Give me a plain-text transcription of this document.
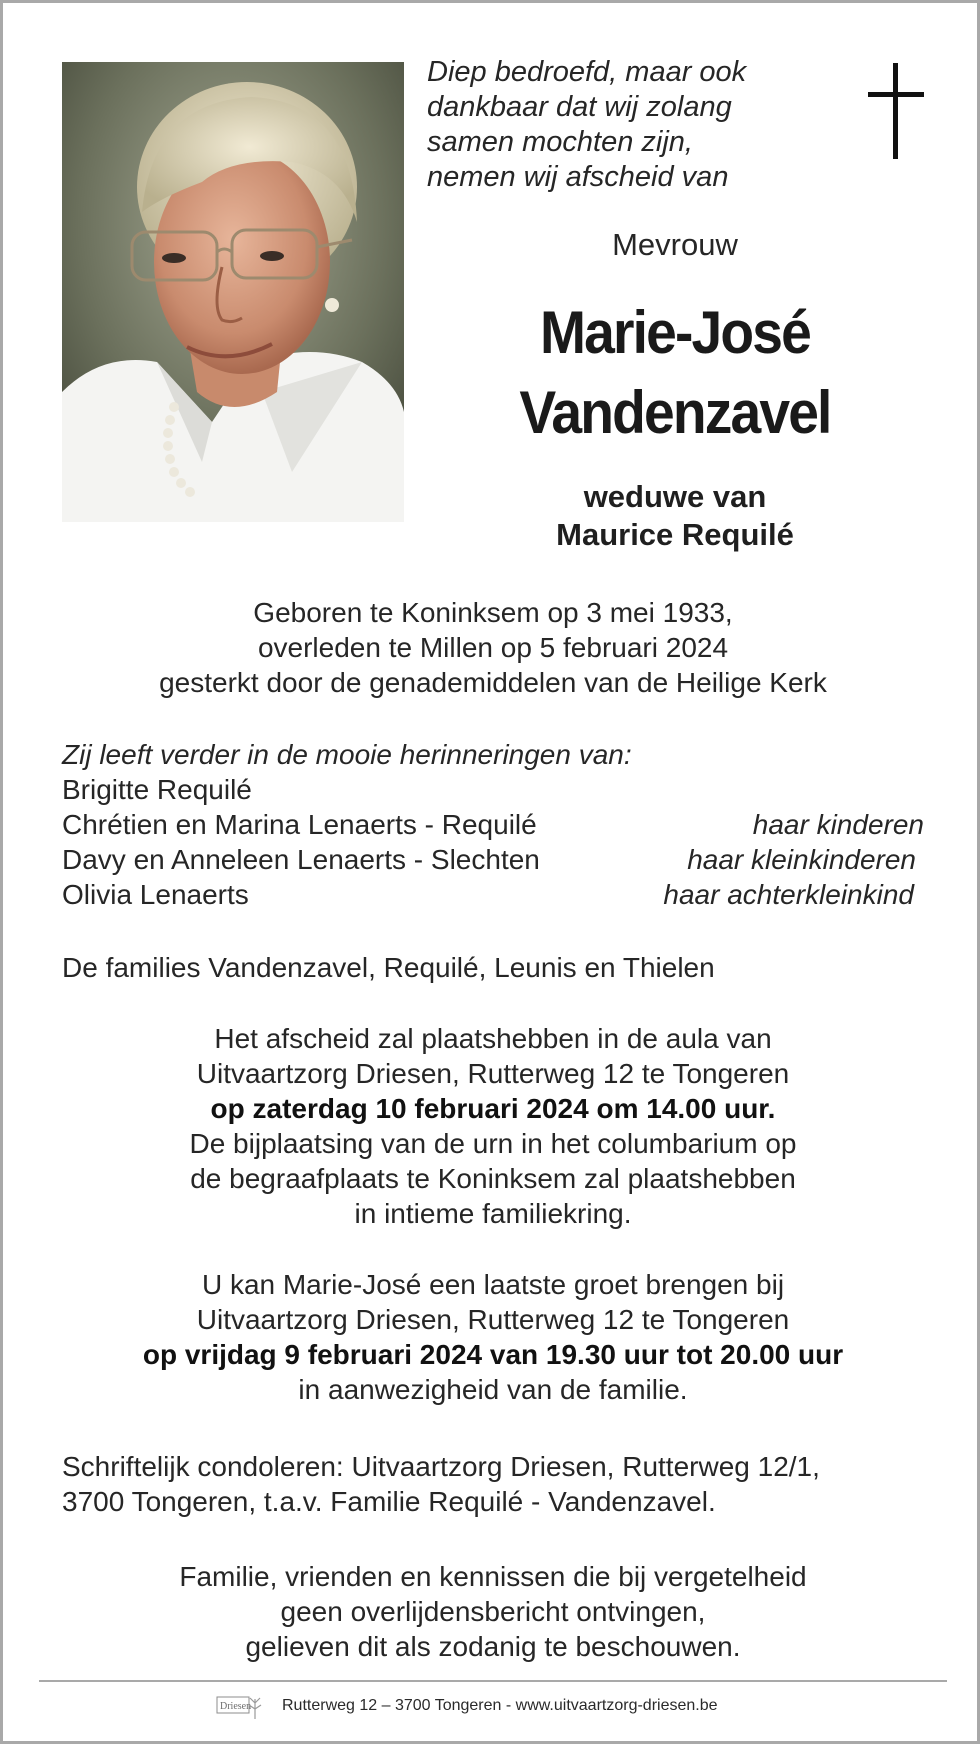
Diep bedroefd, maar ook
dankbaar dat wij zolang
samen mochten zijn,
nemen wij afscheid van
Mevrouw
Marie-José
Vandenzavel
weduwe van
Maurice Requilé
Geboren te Koninksem op 3 mei 1933,
overleden te Millen op 5 februari 2024
gesterkt door de genademiddelen van de Heilige Kerk
Zij leeft verder in de mooie herinneringen van:
Brigitte Requilé
Chrétien en Marina Lenaerts - Requilé	haar kinderen
Davy en Anneleen Lenaerts - Slechten	haar kleinkinderen
Olivia Lenaerts	haar achterkleinkind
De families Vandenzavel, Requilé, Leunis en Thielen
Het afscheid zal plaatshebben in de aula van
Uitvaartzorg Driesen, Rutterweg 12 te Tongeren
op zaterdag 10 februari 2024 om 14.00 uur.
De bijplaatsing van de urn in het columbarium op
de begraafplaats te Koninksem zal plaatshebben
in intieme familiekring.
U kan Marie-José een laatste groet brengen bij
Uitvaartzorg Driesen, Rutterweg 12 te Tongeren
op vrijdag 9 februari 2024 van 19.30 uur tot 20.00 uur
in aanwezigheid van de familie.
Schriftelijk condoleren: Uitvaartzorg Driesen, Rutterweg 12/1,
3700 Tongeren, t.a.v. Familie Requilé - Vandenzavel.
Familie, vrienden en kennissen die bij vergetelheid
geen overlijdensbericht ontvingen,
gelieven dit als zodanig te beschouwen.
Driesen Rutterweg 12 – 3700 Tongeren - www.uitvaartzorg-driesen.be
